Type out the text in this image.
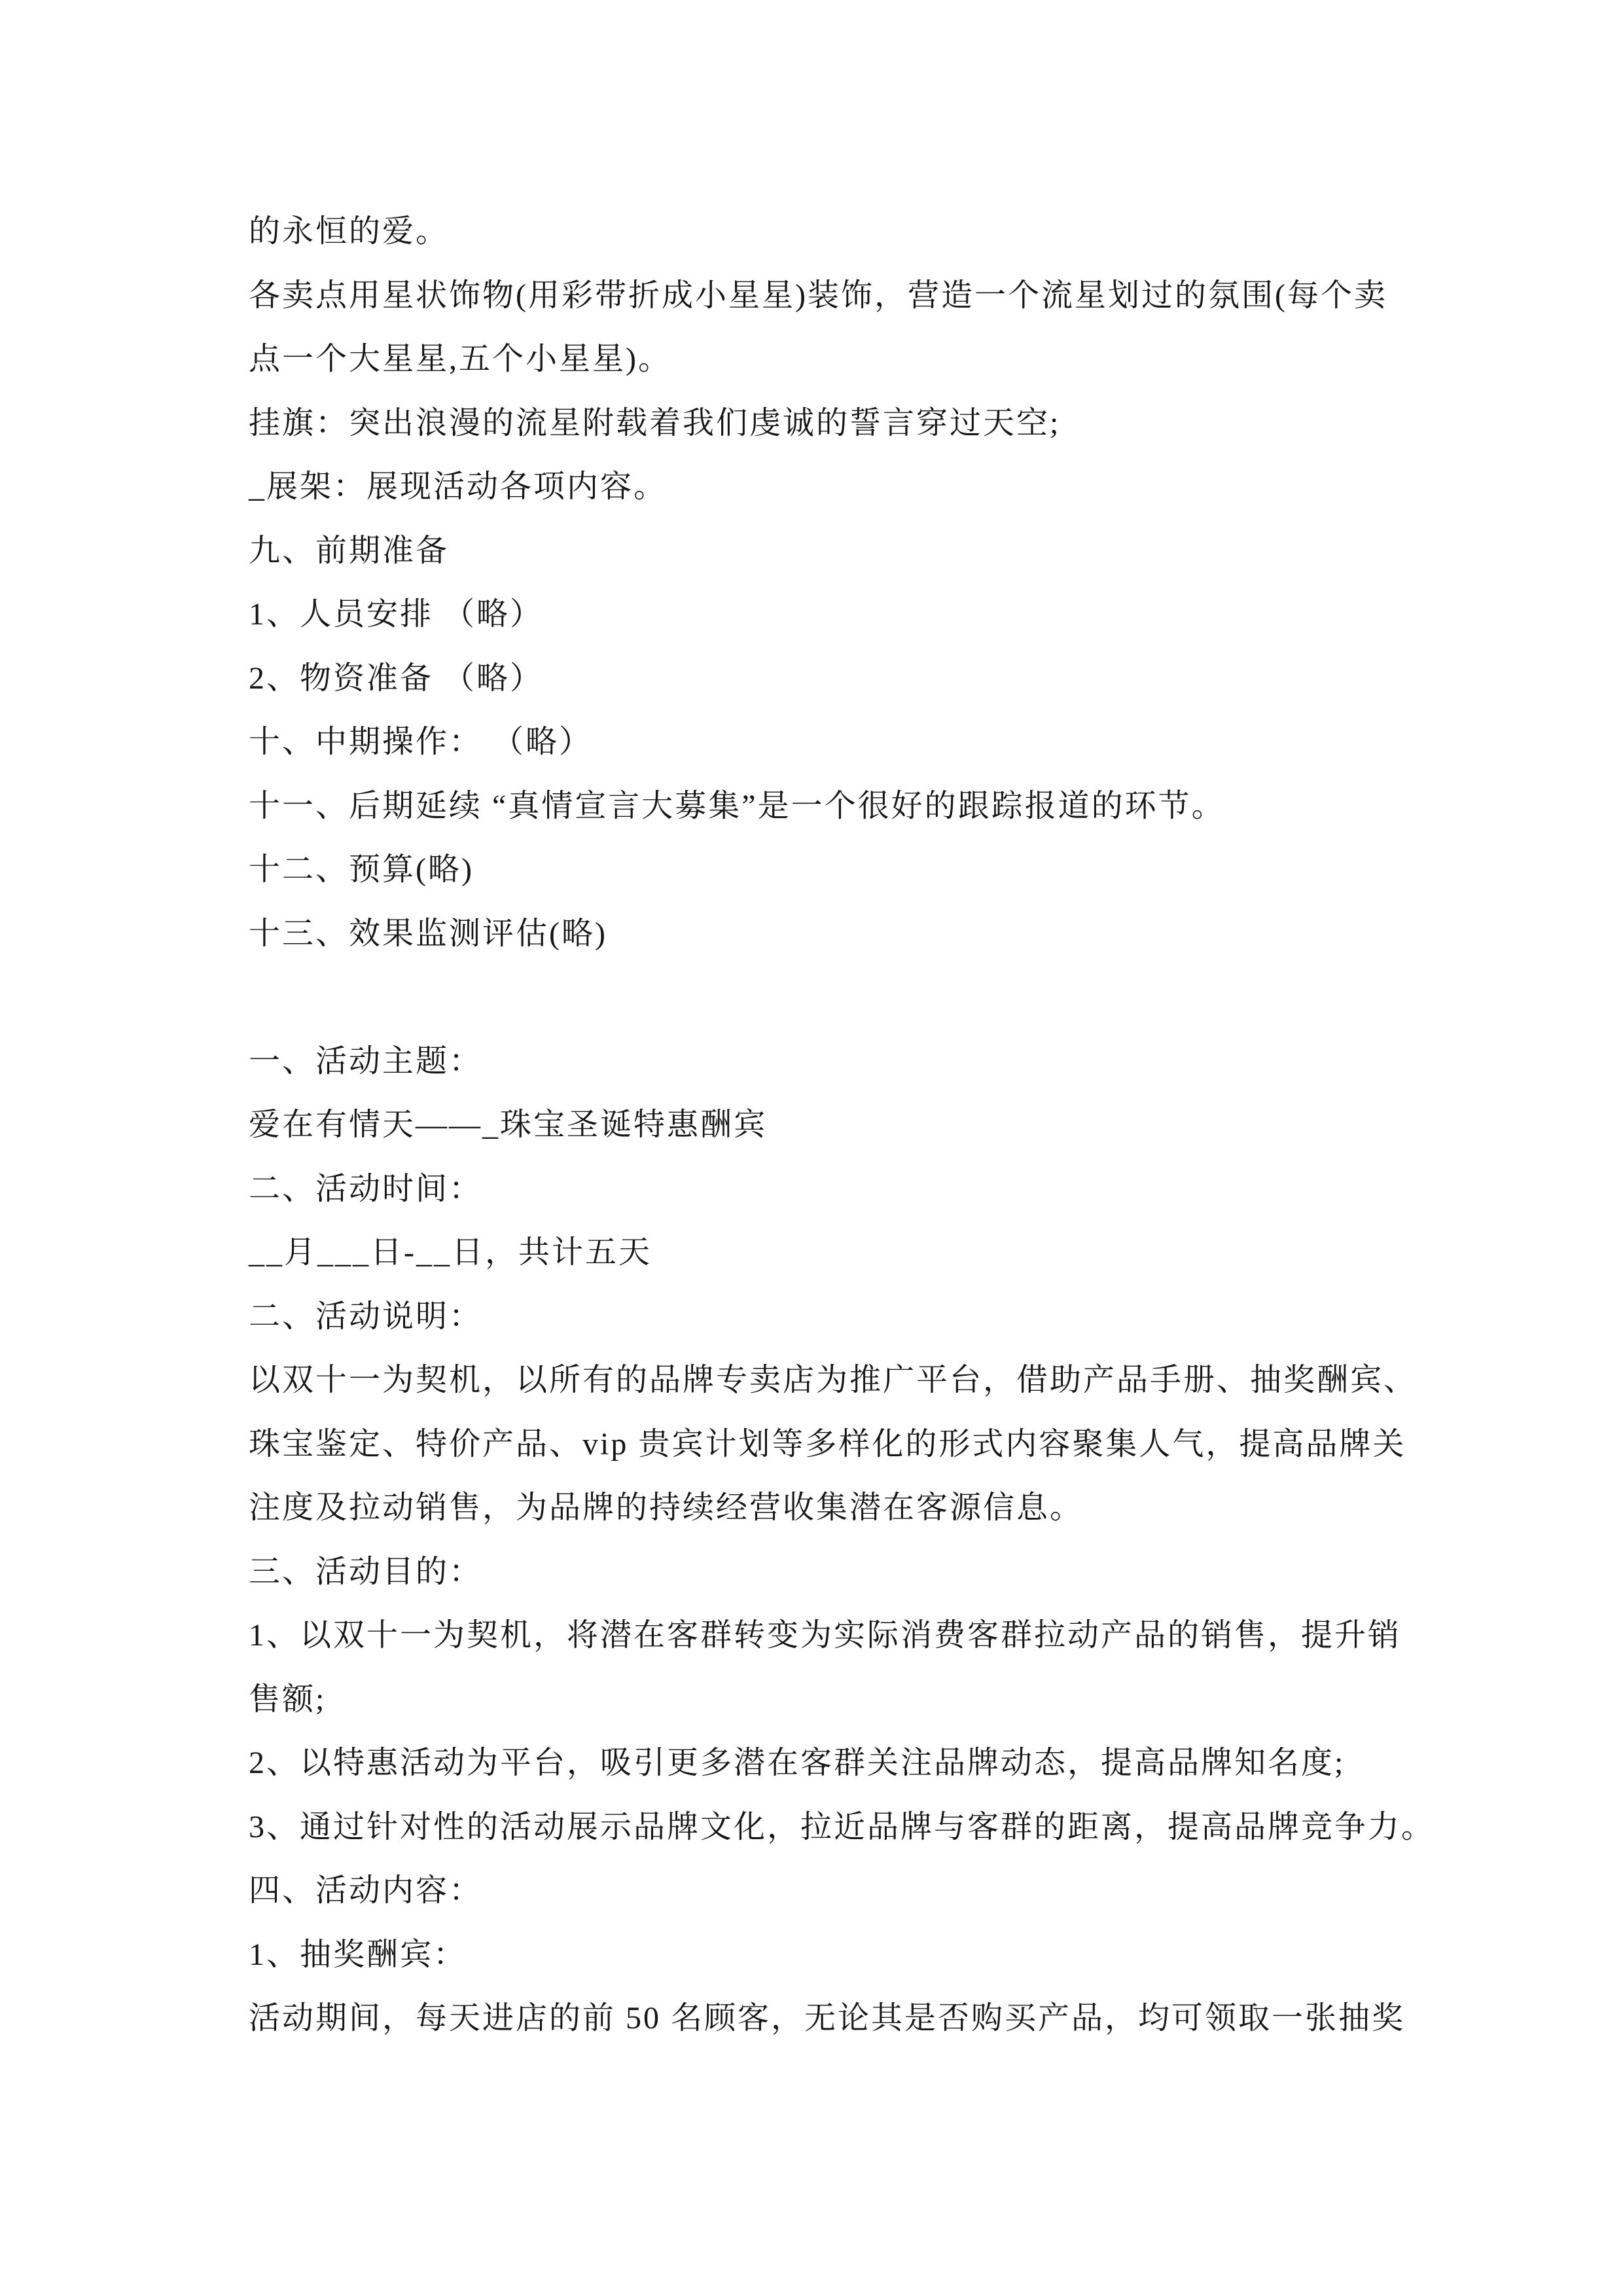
的永恒的爱。

各卖点用星状饰物(用彩带折成小星星)装饰，营造一个流星划过的氛围(每个卖

点一个大星星,五个小星星)。

挂旗：突出浪漫的流星附载着我们虔诚的誓言穿过天空;

_展架：展现活动各项内容。

九、前期准备

1、人员安排 （略）

2、物资准备 （略）

十、中期操作： （略）

十一、后期延续 “真情宣言大募集”是一个很好的跟踪报道的环节。

十二、预算(略)

十三、效果监测评估(略)

一、活动主题：

爱在有情天——_珠宝圣诞特惠酬宾

二、活动时间：

__月___日-__日，共计五天

二、活动说明：

以双十一为契机，以所有的品牌专卖店为推广平台，借助产品手册、抽奖酬宾、

珠宝鉴定、特价产品、vip 贵宾计划等多样化的形式内容聚集人气，提高品牌关

注度及拉动销售，为品牌的持续经营收集潜在客源信息。

三、活动目的：

1、以双十一为契机，将潜在客群转变为实际消费客群拉动产品的销售，提升销

售额;

2、以特惠活动为平台，吸引更多潜在客群关注品牌动态，提高品牌知名度;

3、通过针对性的活动展示品牌文化，拉近品牌与客群的距离，提高品牌竞争力。

四、活动内容：

1、抽奖酬宾：

活动期间，每天进店的前 50 名顾客，无论其是否购买产品，均可领取一张抽奖
